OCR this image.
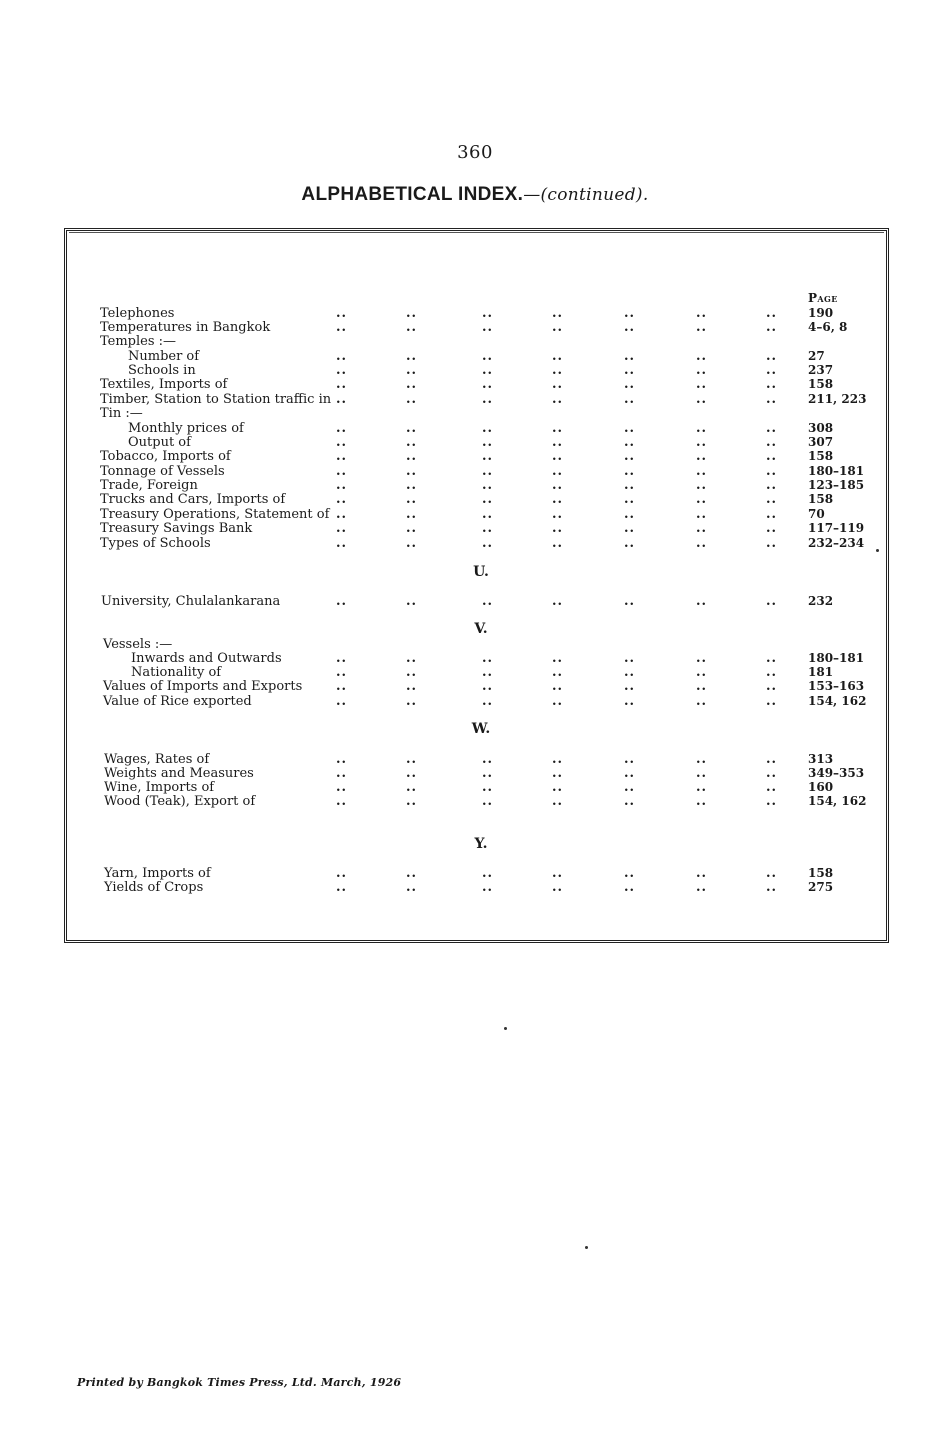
360
ALPHABETICAL INDEX.—(continued).
Page
Telephones	..	..	..	..	..	..	..	190
Temperatures in Bangkok	..	..	..	..	..	..	..	4–6, 8
Temples :—
Number of	..	..	..	..	..	..	..	27
Schools in	..	..	..	..	..	..	..	237
Textiles, Imports of	..	..	..	..	..	..	..	158
Timber, Station to Station traffic in ..	..	..	..	..	..	..	211, 223
Tin :—
Monthly prices of	..	..	..	..	..	..	..	308
Output of	..	..	..	..	..	..	..	307
Tobacco, Imports of	..	..	..	..	..	..	..	158
Tonnage of Vessels	..	..	..	..	..	..	..	180–181
Trade, Foreign	..	..	..	..	..	..	..	123–185
Trucks and Cars, Imports of	..	..	..	..	..	..	..	158
Treasury Operations, Statement of ..	..	..	..	..	..	..	70
Treasury Savings Bank	..	..	..	..	..	..	..	117–119
Types of Schools	..	..	..	..	..	..	..	232–234
U.
University, Chulalankarana	..	..	..	..	..	..	..	232
V.
Vessels :—
Inwards and Outwards	..	..	..	..	..	..	..	180–181
Nationality of	..	..	..	..	..	..	..	181
Values of Imports and Exports	..	..	..	..	..	..	..	153–163
Value of Rice exported	..	..	..	..	..	..	..	154, 162
W.
Wages, Rates of	..	..	..	..	..	..	..	313
Weights and Measures	..	..	..	..	..	..	..	349–353
Wine, Imports of	..	..	..	..	..	..	..	160
Wood (Teak), Export of	..	..	..	..	..	..	..	154, 162
Y.
Yarn, Imports of	..	..	..	..	..	..	..	158
Yields of Crops	..	..	..	..	..	..	..	275
Printed by Bangkok Times Press, Ltd. March, 1926
